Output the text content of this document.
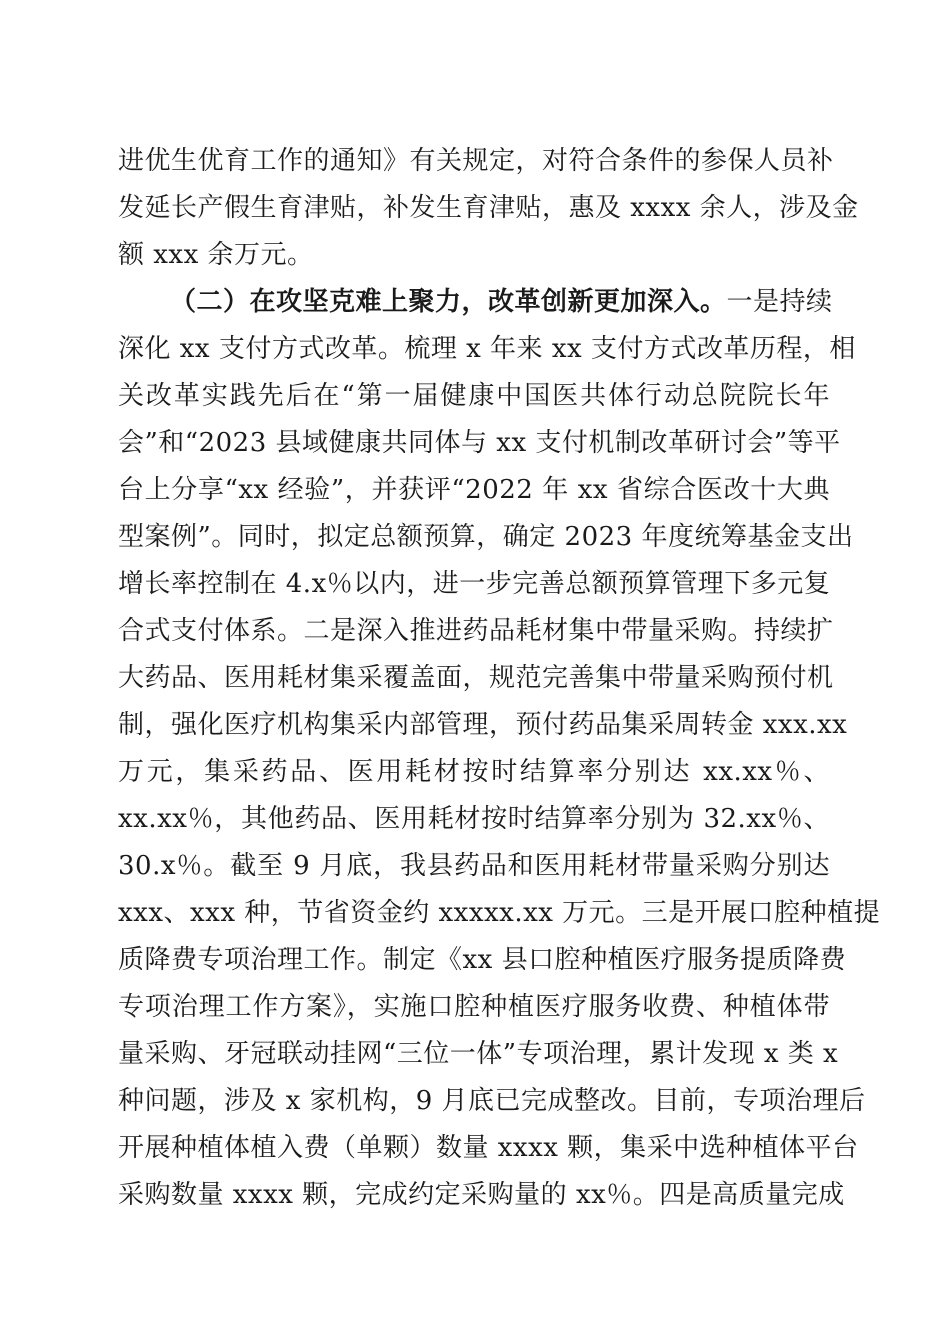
进优生优育工作的通知》有关规定，对符合条件的参保人员补
发延长产假生育津贴，补发生育津贴，惠及 xxxx 余人，涉及金
额 xxx 余万元。
（二）在攻坚克难上聚力，改革创新更加深入。一是持续
深化 xx 支付方式改革。梳理 x 年来 xx 支付方式改革历程，相
关改革实践先后在“第一届健康中国医共体行动总院院长年
会”和“2023 县域健康共同体与 xx 支付机制改革研讨会”等平
台上分享“xx 经验”，并获评“2022 年 xx 省综合医改十大典
型案例”。同时，拟定总额预算，确定 2023 年度统筹基金支出
增长率控制在 4.x％以内，进一步完善总额预算管理下多元复
合式支付体系。二是深入推进药品耗材集中带量采购。持续扩
大药品、医用耗材集采覆盖面，规范完善集中带量采购预付机
制，强化医疗机构集采内部管理，预付药品集采周转金 xxx.xx
万元，集采药品、医用耗材按时结算率分别达 xx.xx％、
xx.xx％，其他药品、医用耗材按时结算率分别为 32.xx％、
30.x％。截至 9 月底，我县药品和医用耗材带量采购分别达
xxx、xxx 种，节省资金约 xxxxx.xx 万元。三是开展口腔种植提
质降费专项治理工作。制定《xx 县口腔种植医疗服务提质降费
专项治理工作方案》，实施口腔种植医疗服务收费、种植体带
量采购、牙冠联动挂网“三位一体”专项治理，累计发现 x 类 x
种问题，涉及 x 家机构，9 月底已完成整改。目前，专项治理后
开展种植体植入费（单颗）数量 xxxx 颗，集采中选种植体平台
采购数量 xxxx 颗，完成约定采购量的 xx％。四是高质量完成
